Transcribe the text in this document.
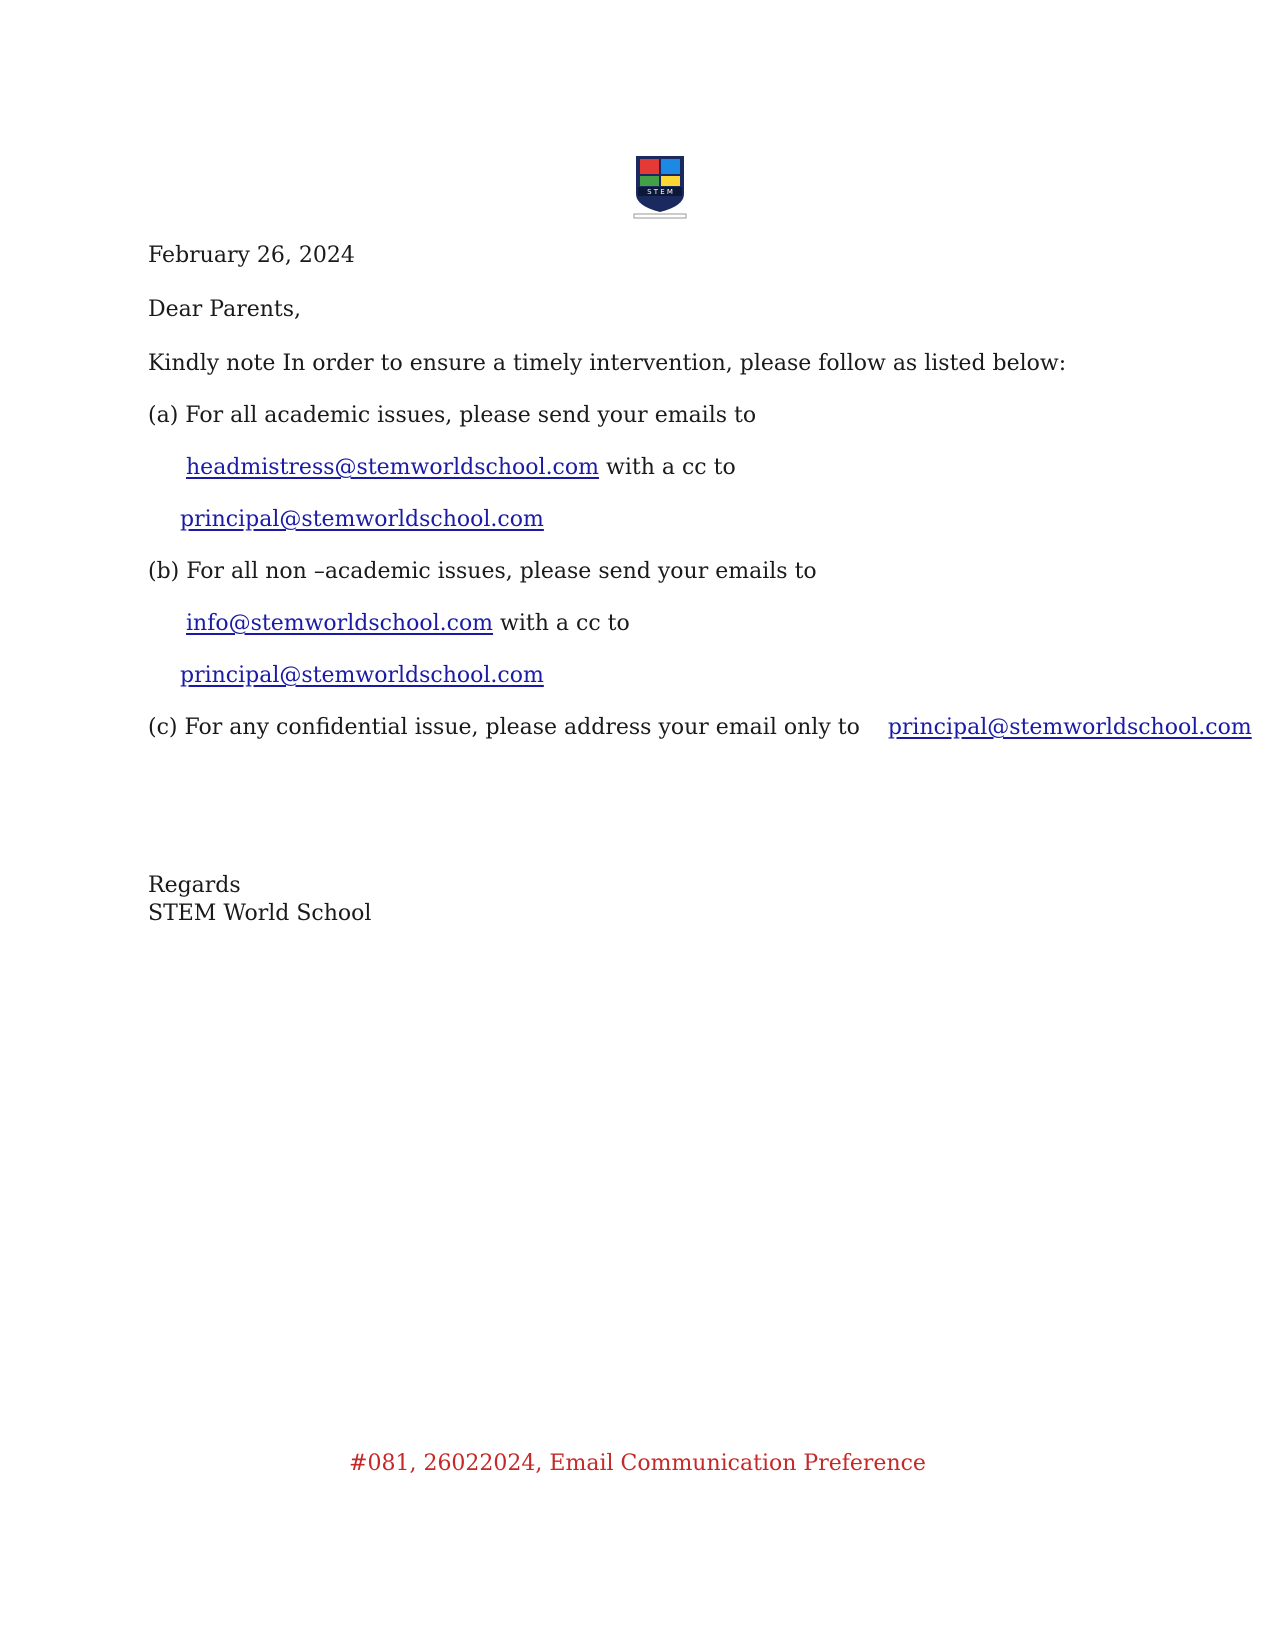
S T E M
February 26, 2024
Dear Parents,
Kindly note In order to ensure a timely intervention, please follow as listed below:
(a) For all academic issues, please send your emails to
headmistress@stemworldschool.com with a cc to
principal@stemworldschool.com
(b) For all non –academic issues, please send your emails to
info@stemworldschool.com with a cc to
principal@stemworldschool.com
(c) For any confidential issue, please address your email only to principal@stemworldschool.com
Regards
STEM World School
#081, 26022024, Email Communication Preference
